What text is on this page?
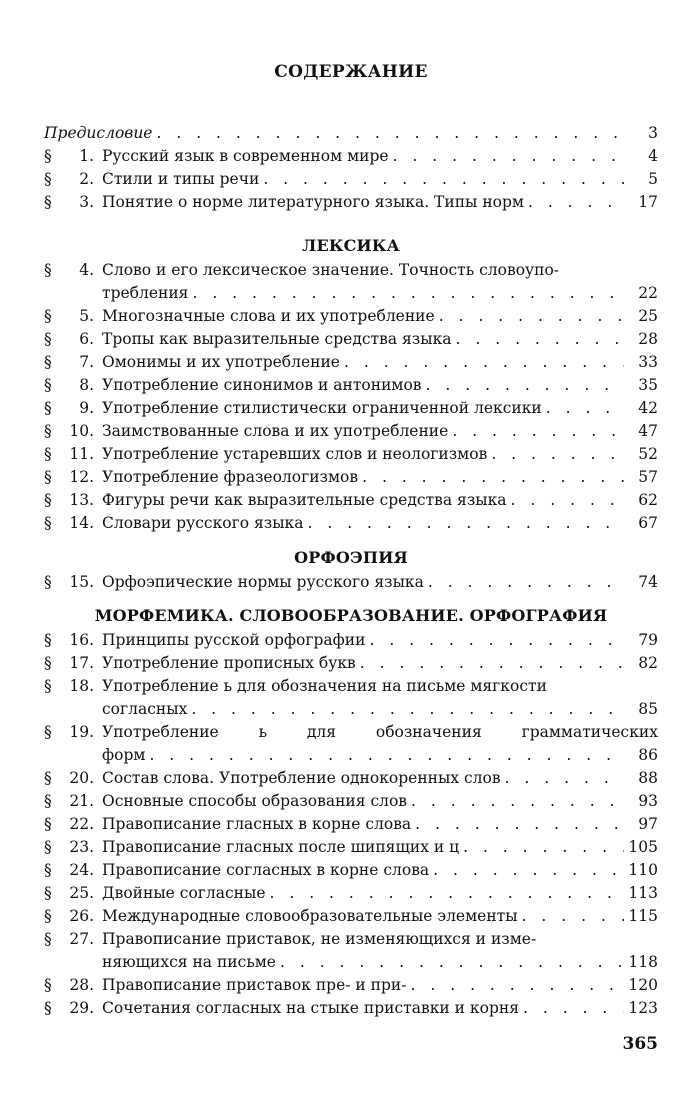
СОДЕРЖАНИЕ
Предисловие . . .	3
§ 1. Русский язык в современном мире . . .	4
§ 2. Стили и типы речи . . .	5
§ 3. Понятие о норме литературного языка. Типы норм . . .	17
ЛЕКСИКА
§ 4. Слово и его лексическое значение. Точность словоупо-
требления . . .	22
§ 5. Многозначные слова и их употребление . . .	25
§ 6. Тропы как выразительные средства языка . . .	28
§ 7. Омонимы и их употребление . . .	33
§ 8. Употребление синонимов и антонимов . . .	35
§ 9. Употребление стилистически ограниченной лексики . . .	42
§ 10. Заимствованные слова и их употребление . . .	47
§ 11. Употребление устаревших слов и неологизмов . . .	52
§ 12. Употребление фразеологизмов . . .	57
§ 13. Фигуры речи как выразительные средства языка . . .	62
§ 14. Словари русского языка . . .	67
ОРФОЭПИЯ
§ 15. Орфоэпические нормы русского языка . . .	74
МОРФЕМИКА. СЛОВООБРАЗОВАНИЕ. ОРФОГРАФИЯ
§ 16. Принципы русской орфографии . . .	79
§ 17. Употребление прописных букв . . .	82
§ 18. Употребление ь для обозначения на письме мягкости
согласных . . .	85
§ 19. Употребление ь для обозначения грамматических
форм . . .	86
§ 20. Состав слова. Употребление однокоренных слов . . .	88
§ 21. Основные способы образования слов . . .	93
§ 22. Правописание гласных в корне слова . . .	97
§ 23. Правописание гласных после шипящих и ц . . .	105
§ 24. Правописание согласных в корне слова . . .	110
§ 25. Двойные согласные . . .	113
§ 26. Международные словообразовательные элементы . . .	115
§ 27. Правописание приставок, не изменяющихся и изме-
няющихся на письме . . .	118
§ 28. Правописание приставок пре- и при- . . .	120
§ 29. Сочетания согласных на стыке приставки и корня . . .	123
365
